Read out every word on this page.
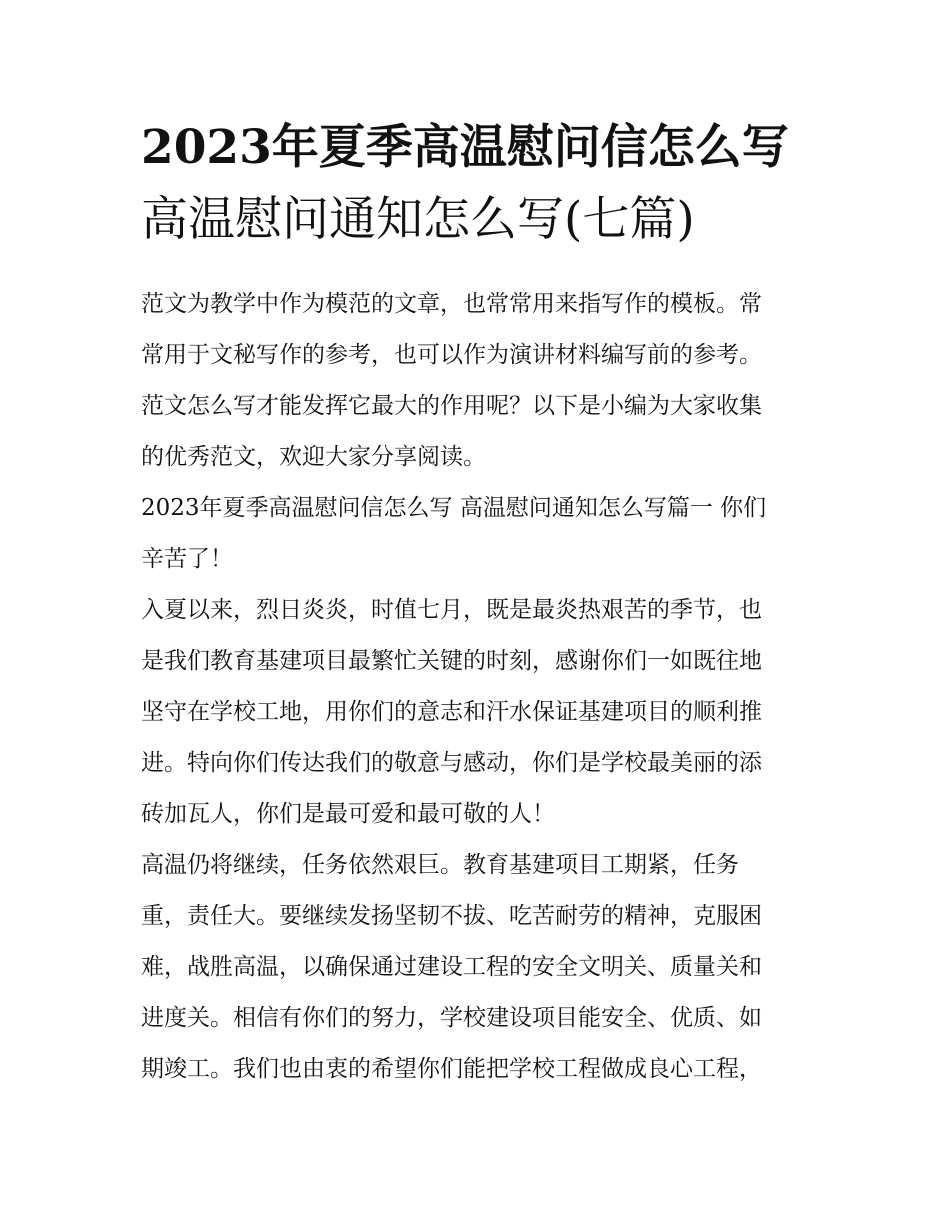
2023年夏季高温慰问信怎么写
高温慰问通知怎么写(七篇)

范文为教学中作为模范的文章，也常常用来指写作的模板。常
常用于文秘写作的参考，也可以作为演讲材料编写前的参考。
范文怎么写才能发挥它最大的作用呢？以下是小编为大家收集
的优秀范文，欢迎大家分享阅读。

2023年夏季高温慰问信怎么写 高温慰问通知怎么写篇一 你们
辛苦了！

入夏以来，烈日炎炎，时值七月，既是最炎热艰苦的季节，也
是我们教育基建项目最繁忙关键的时刻，感谢你们一如既往地
坚守在学校工地，用你们的意志和汗水保证基建项目的顺利推
进。特向你们传达我们的敬意与感动，你们是学校最美丽的添
砖加瓦人，你们是最可爱和最可敬的人！

高温仍将继续，任务依然艰巨。教育基建项目工期紧，任务
重，责任大。要继续发扬坚韧不拔、吃苦耐劳的精神，克服困
难，战胜高温，以确保通过建设工程的安全文明关、质量关和
进度关。相信有你们的努力，学校建设项目能安全、优质、如
期竣工。我们也由衷的希望你们能把学校工程做成良心工程，
